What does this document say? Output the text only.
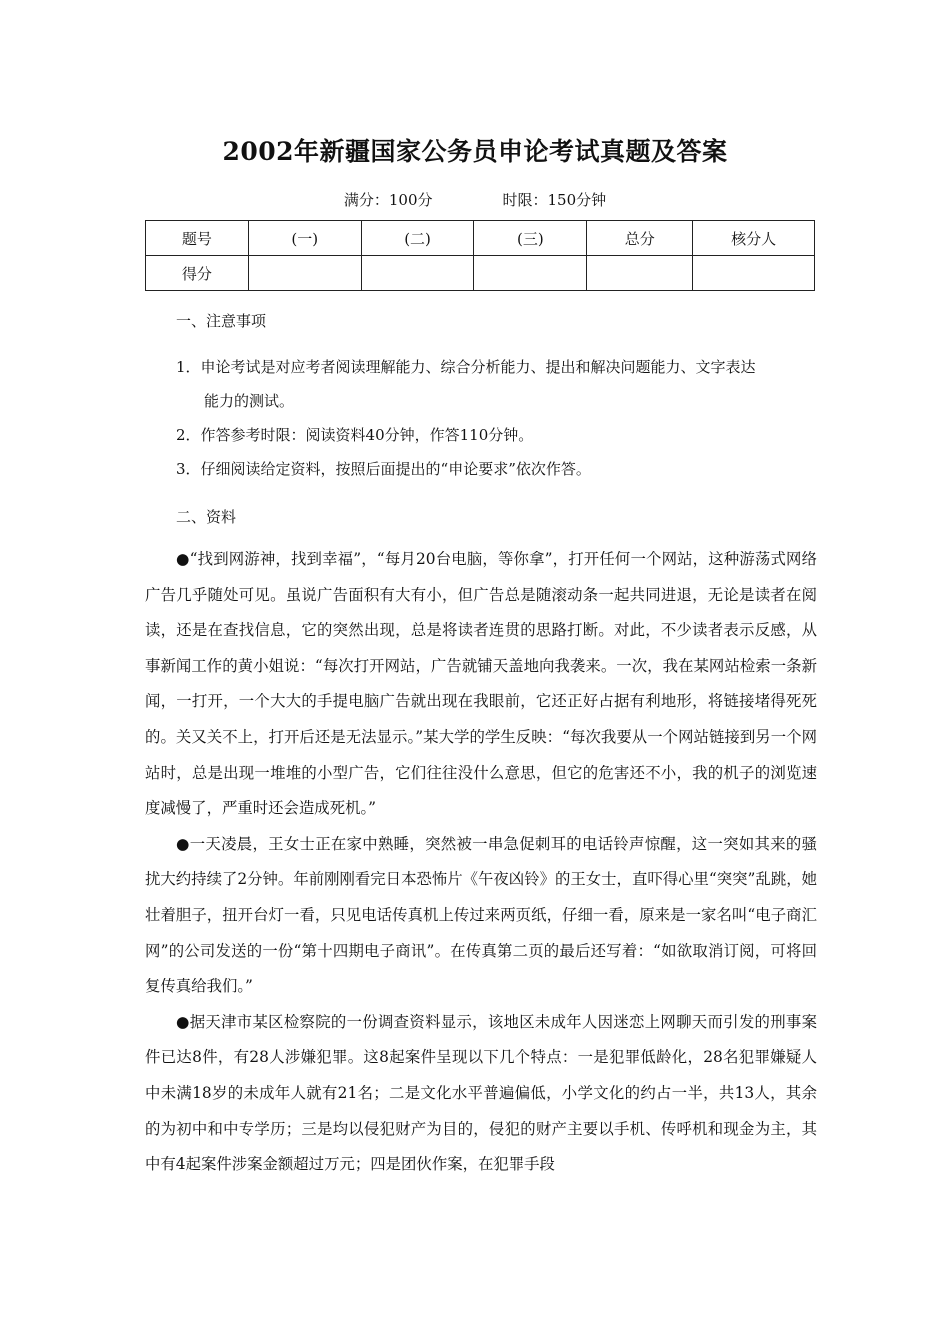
2002年新疆国家公务员申论考试真题及答案
满分：100分	时限：150分钟
题号	(一)	(二)	(三)	总分	核分人
得分					
一、注意事项
1．申论考试是对应考者阅读理解能力、综合分析能力、提出和解决问题能力、文字表达
能力的测试。
2．作答参考时限：阅读资料40分钟，作答110分钟。
3．仔细阅读给定资料，按照后面提出的“申论要求”依次作答。
二、资料

●“找到网游神，找到幸福”，“每月20台电脑，等你拿”，打开任何一个网站，这种游荡式网络广告几乎随处可见。虽说广告面积有大有小，但广告总是随滚动条一起共同进退，无论是读者在阅读，还是在查找信息，它的突然出现，总是将读者连贯的思路打断。对此，不少读者表示反感，从事新闻工作的黄小姐说：“每次打开网站，广告就铺天盖地向我袭来。一次，我在某网站检索一条新闻，一打开，一个大大的手提电脑广告就出现在我眼前，它还正好占据有利地形，将链接堵得死死的。关又关不上，打开后还是无法显示。”某大学的学生反映：“每次我要从一个网站链接到另一个网站时，总是出现一堆堆的小型广告，它们往往没什么意思，但它的危害还不小，我的机子的浏览速度减慢了，严重时还会造成死机。”

●一天凌晨，王女士正在家中熟睡，突然被一串急促刺耳的电话铃声惊醒，这一突如其来的骚扰大约持续了2分钟。年前刚刚看完日本恐怖片《午夜凶铃》的王女士，直吓得心里“突突”乱跳，她壮着胆子，扭开台灯一看，只见电话传真机上传过来两页纸，仔细一看，原来是一家名叫“电子商汇网”的公司发送的一份“第十四期电子商讯”。在传真第二页的最后还写着：“如欲取消订阅，可将回复传真给我们。”

●据天津市某区检察院的一份调查资料显示，该地区未成年人因迷恋上网聊天而引发的刑事案件已达8件，有28人涉嫌犯罪。这8起案件呈现以下几个特点：一是犯罪低龄化，28名犯罪嫌疑人中未满18岁的未成年人就有21名；二是文化水平普遍偏低，小学文化的约占一半，共13人，其余的为初中和中专学历；三是均以侵犯财产为目的，侵犯的财产主要以手机、传呼机和现金为主，其中有4起案件涉案金额超过万元；四是团伙作案，在犯罪手段
